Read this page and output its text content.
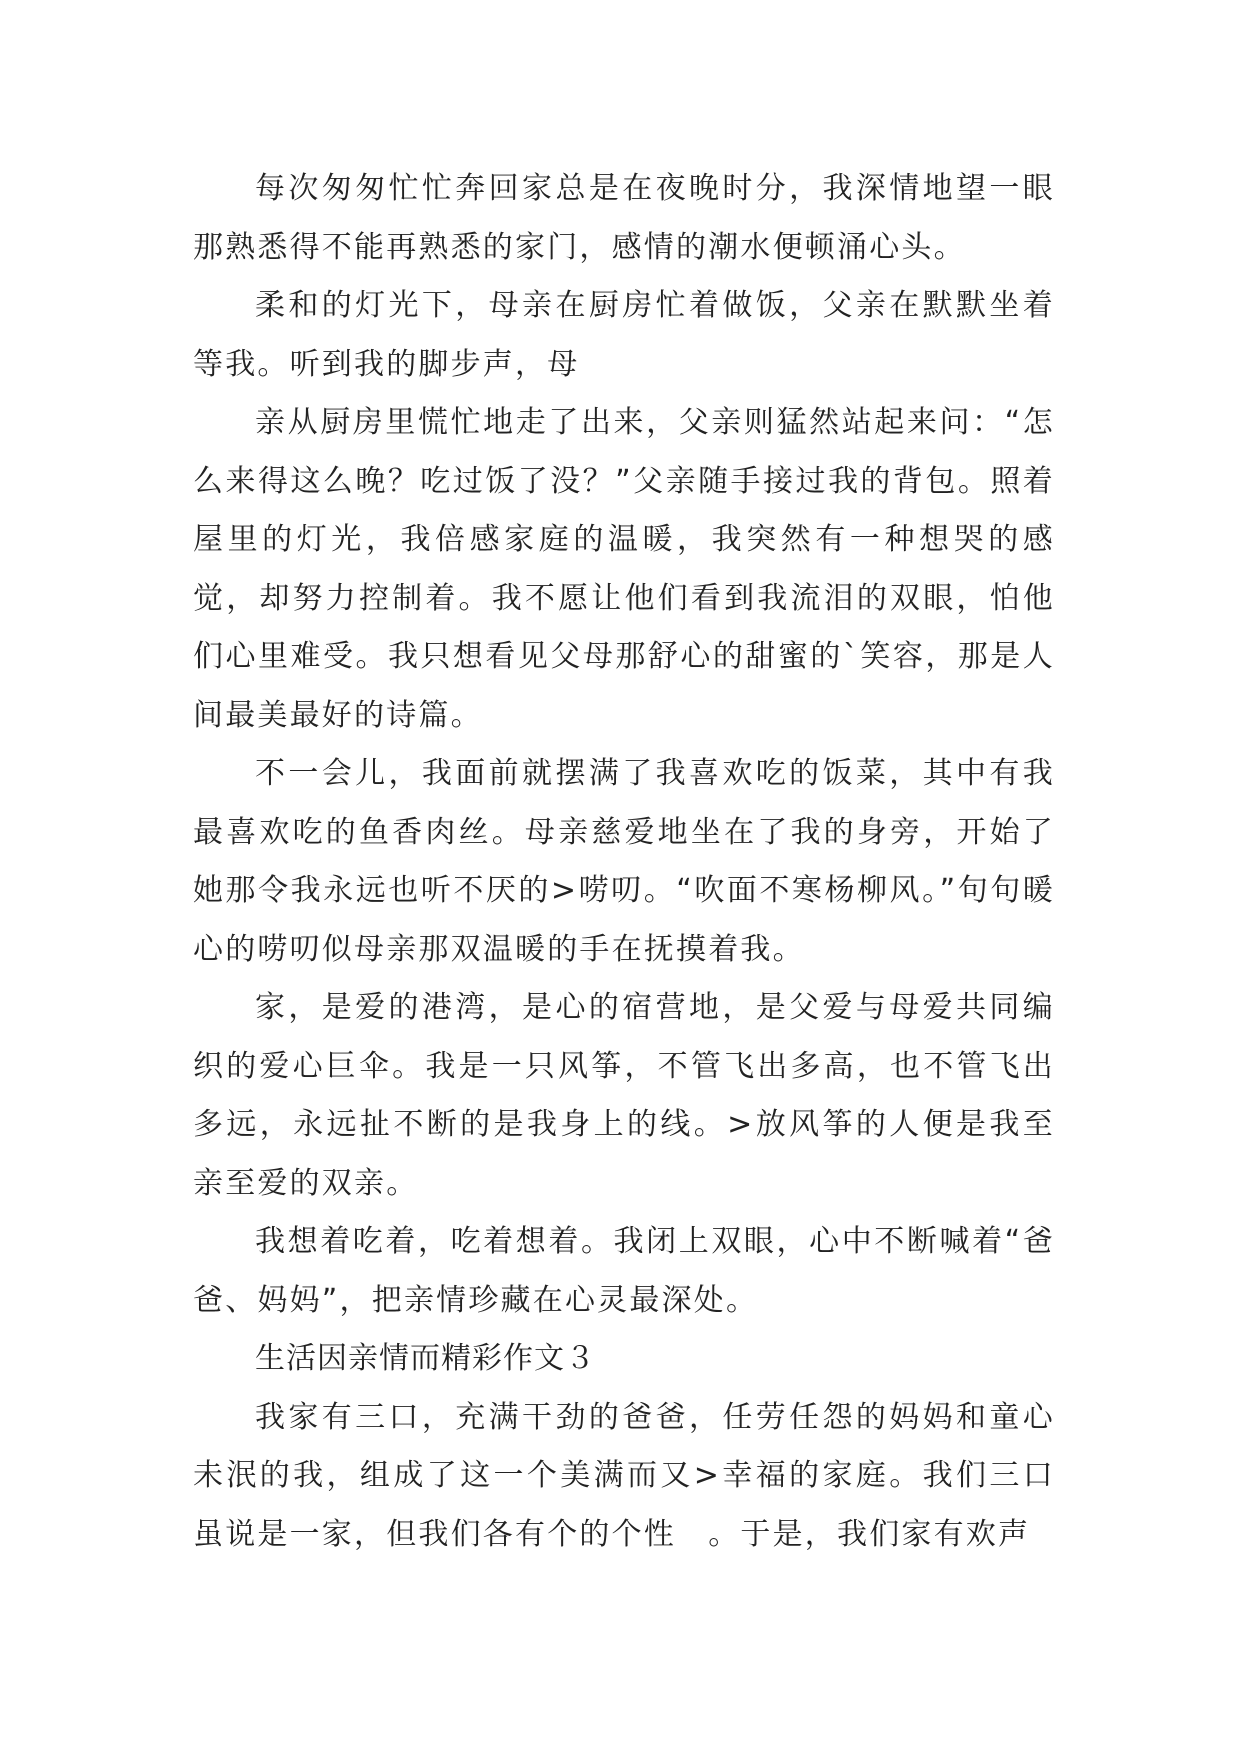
每次匆匆忙忙奔回家总是在夜晚时分，我深情地望一眼那熟悉得不能再熟悉的家门，感情的潮水便顿涌心头。

柔和的灯光下，母亲在厨房忙着做饭，父亲在默默坐着等我。听到我的脚步声，母

亲从厨房里慌忙地走了出来，父亲则猛然站起来问：“怎么来得这么晚？吃过饭了没？”父亲随手接过我的背包。照着屋里的灯光，我倍感家庭的温暖，我突然有一种想哭的感觉，却努力控制着。我不愿让他们看到我流泪的双眼，怕他们心里难受。我只想看见父母那舒心的甜蜜的`笑容，那是人间最美最好的诗篇。

不一会儿，我面前就摆满了我喜欢吃的饭菜，其中有我最喜欢吃的鱼香肉丝。母亲慈爱地坐在了我的身旁，开始了她那令我永远也听不厌的>唠叨。“吹面不寒杨柳风。”句句暖心的唠叨似母亲那双温暖的手在抚摸着我。

家，是爱的港湾，是心的宿营地，是父爱与母爱共同编织的爱心巨伞。我是一只风筝，不管飞出多高，也不管飞出多远，永远扯不断的是我身上的线。>放风筝的人便是我至亲至爱的双亲。

我想着吃着，吃着想着。我闭上双眼，心中不断喊着“爸爸、妈妈”，把亲情珍藏在心灵最深处。

生活因亲情而精彩作文３

我家有三口，充满干劲的爸爸，任劳任怨的妈妈和童心未泯的我，组成了这一个美满而又>幸福的家庭。我们三口虽说是一家，但我们各有个的个性　。于是，我们家有欢声
